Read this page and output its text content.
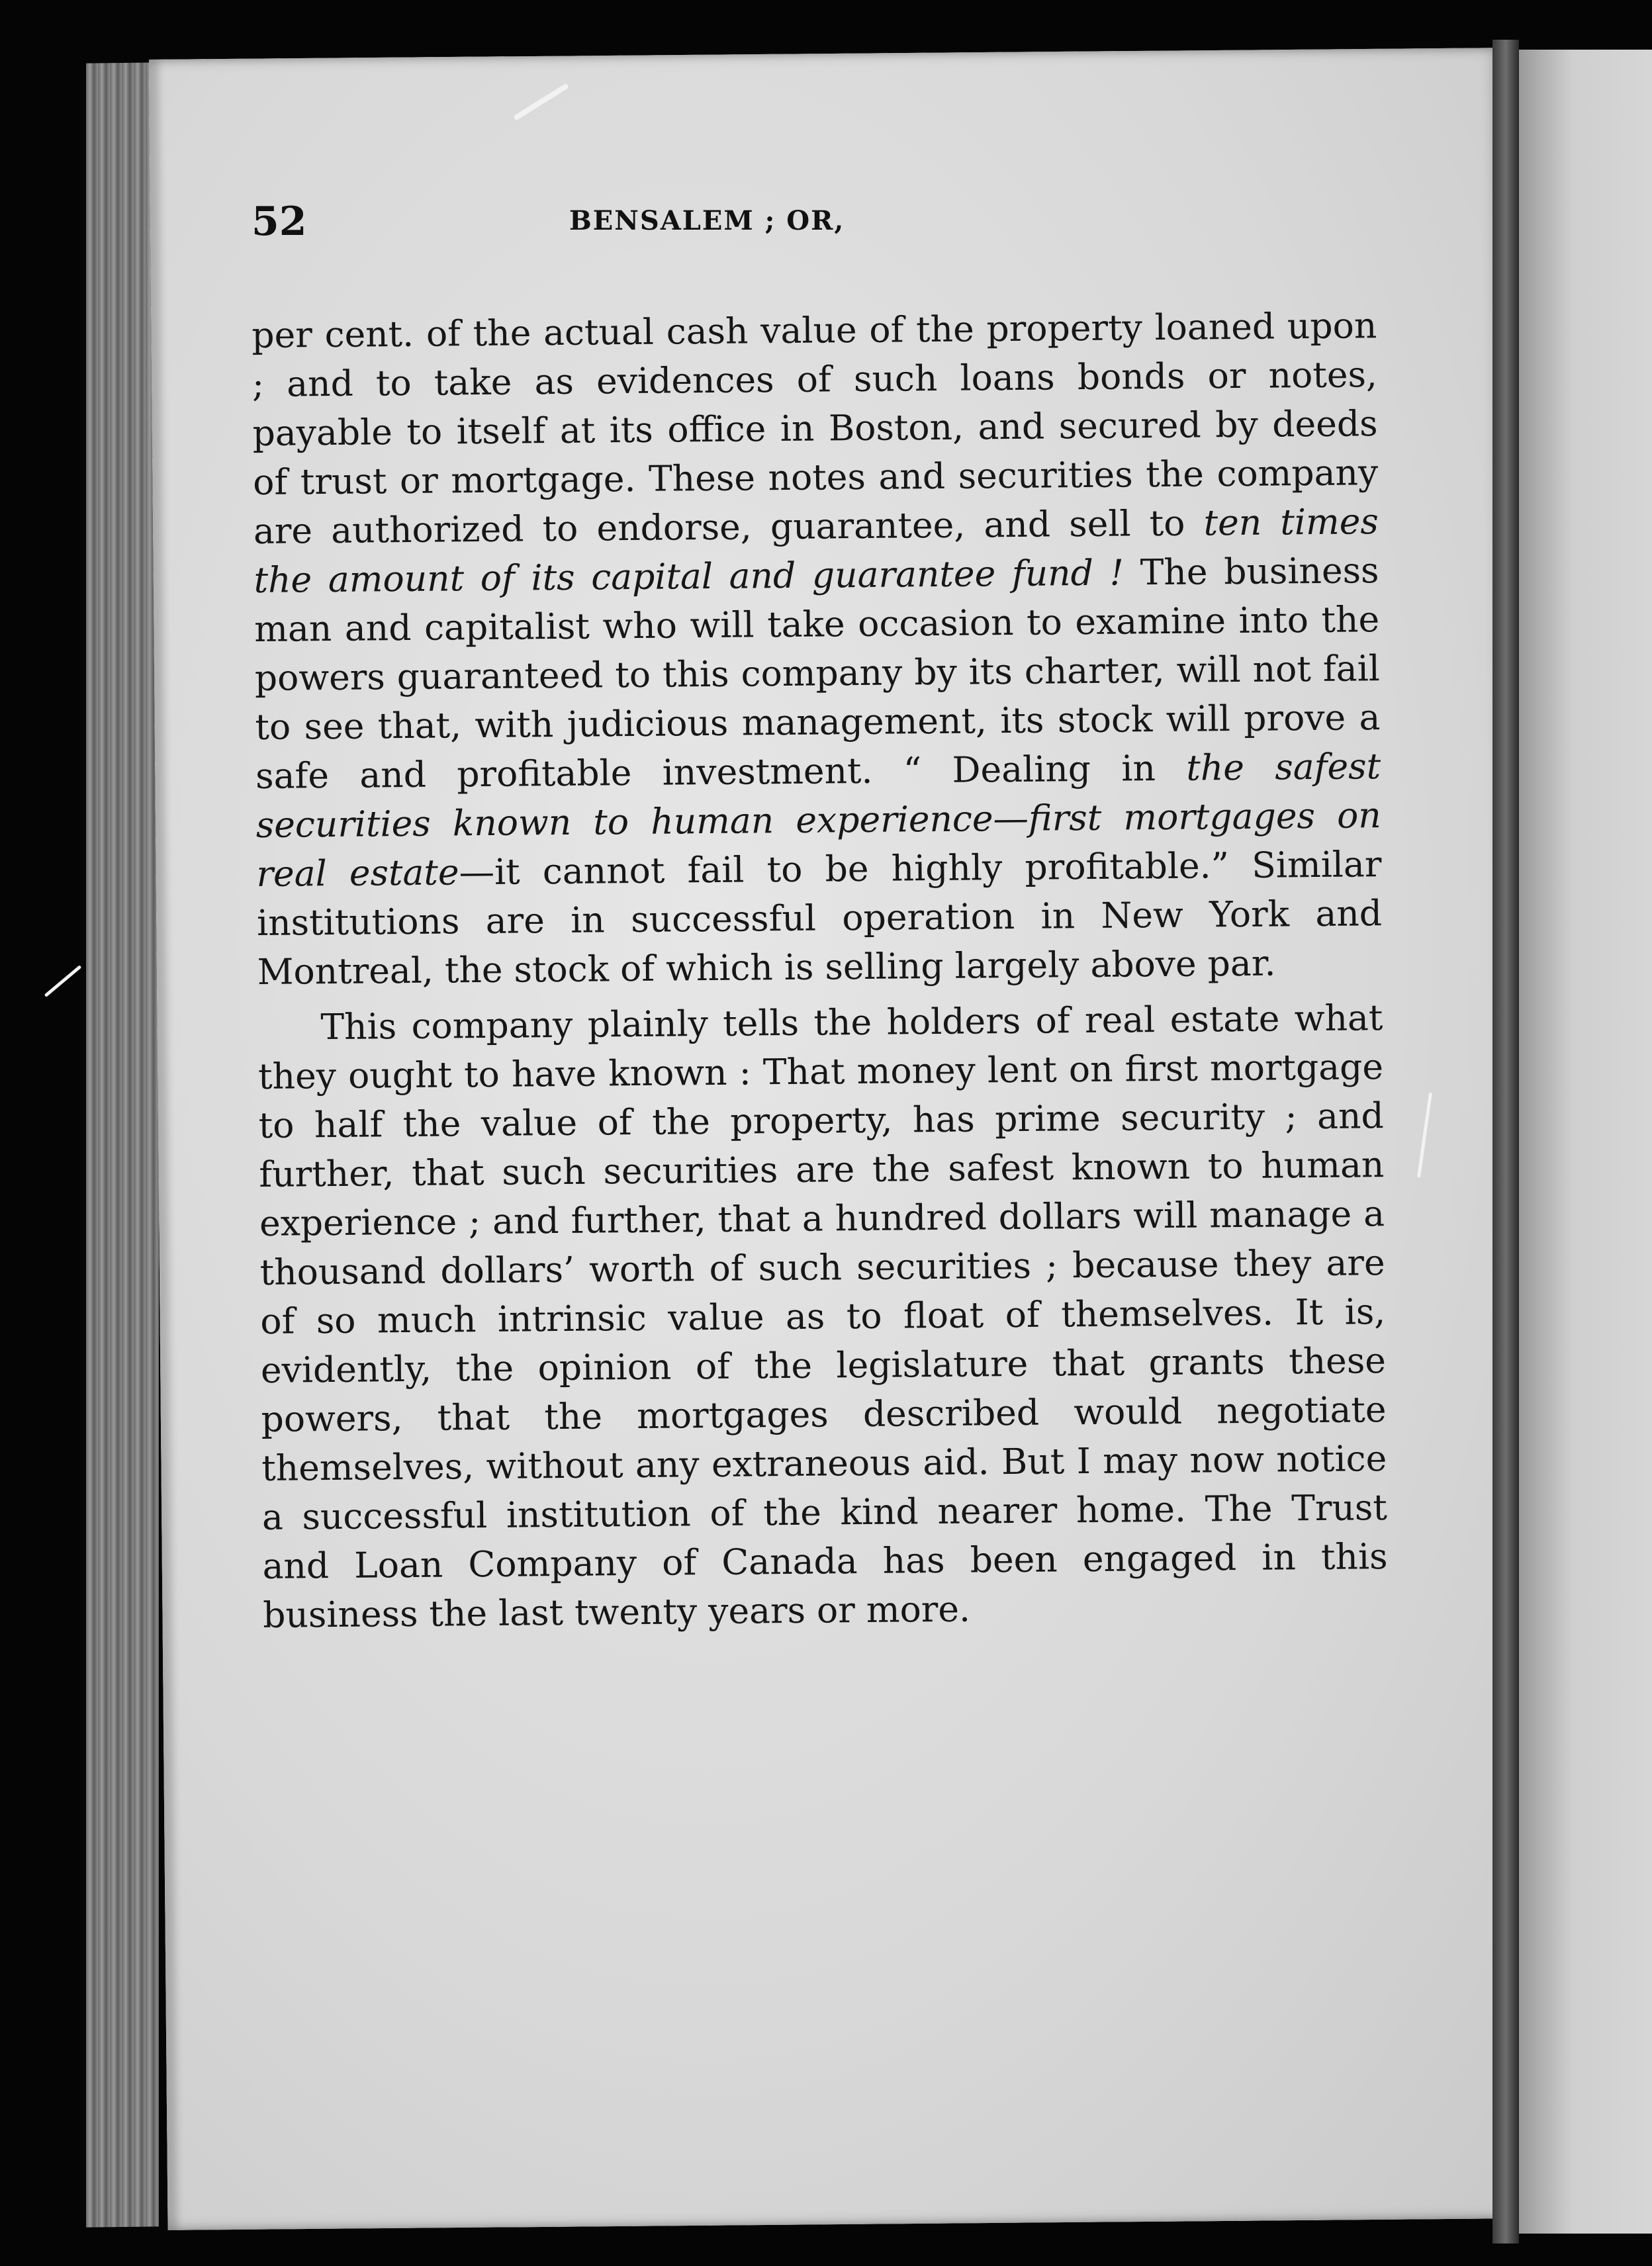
52	BENSALEM ; OR,

per cent. of the actual cash value of the property loaned upon ; and to take as evidences of such loans bonds or notes, payable to itself at its office in Boston, and secured by deeds of trust or mortgage. These notes and securities the company are authorized to endorse, guarantee, and sell to ten times the amount of its capital and guarantee fund ! The business man and capitalist who will take occasion to examine into the powers guaranteed to this company by its charter, will not fail to see that, with judicious management, its stock will prove a safe and profitable investment. “ Dealing in the safest securities known to human experience—first mortgages on real estate—it cannot fail to be highly profitable.” Similar institutions are in successful operation in New York and Montreal, the stock of which is selling largely above par.

This company plainly tells the holders of real estate what they ought to have known : That money lent on first mortgage to half the value of the property, has prime security ; and further, that such securities are the safest known to human experience ; and further, that a hundred dollars will manage a thousand dollars’ worth of such securities ; because they are of so much intrinsic value as to float of themselves. It is, evidently, the opinion of the legislature that grants these powers, that the mortgages described would negotiate themselves, without any extraneous aid. But I may now notice a successful institution of the kind nearer home. The Trust and Loan Company of Canada has been engaged in this business the last twenty years or more.
